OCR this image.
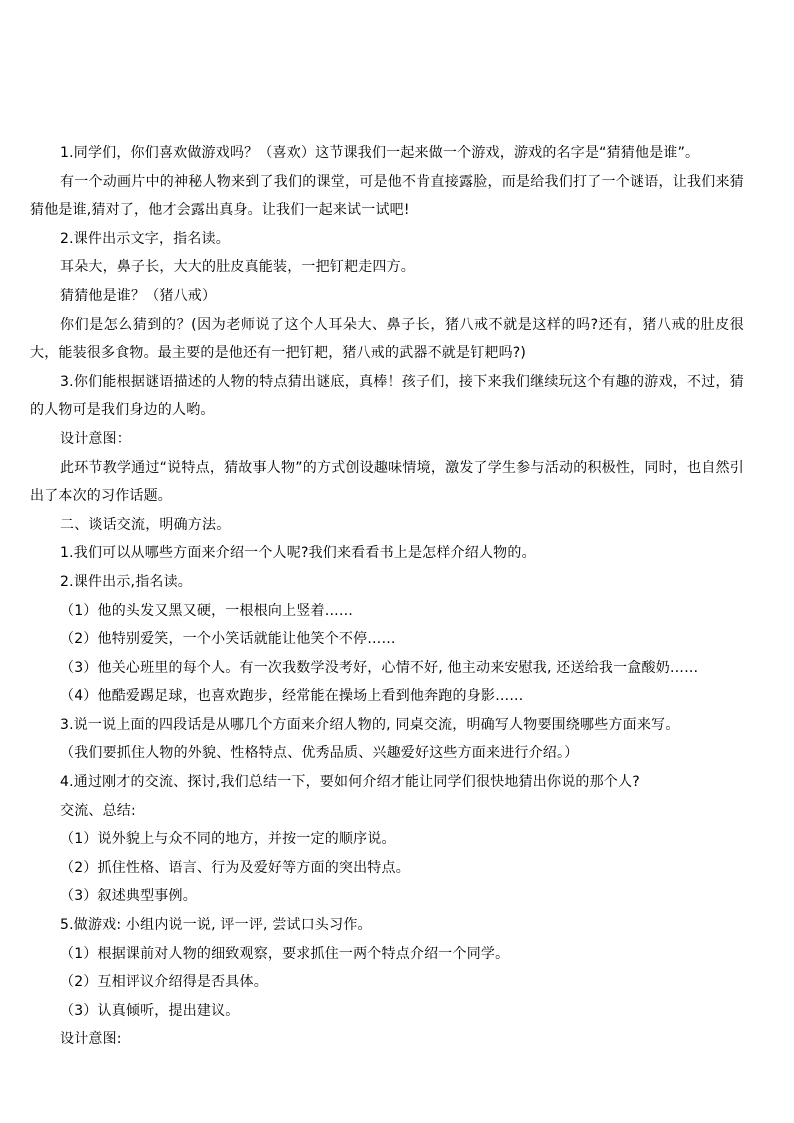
1.同学们，你们喜欢做游戏吗？（喜欢）这节课我们一起来做一个游戏，游戏的名字是“猜猜他是谁”。

有一个动画片中的神秘人物来到了我们的课堂，可是他不肯直接露脸，而是给我们打了一个谜语，让我们来猜猜他是谁,猜对了，他才会露出真身。让我们一起来试一试吧!

2.课件出示文字，指名读。

耳朵大，鼻子长，大大的肚皮真能装，一把钉耙走四方。

猜猜他是谁？（猪八戒）

你们是怎么猜到的？(因为老师说了这个人耳朵大、鼻子长，猪八戒不就是这样的吗?还有，猪八戒的肚皮很大，能装很多食物。最主要的是他还有一把钉耙，猪八戒的武器不就是钉耙吗?)

3.你们能根据谜语描述的人物的特点猜出谜底，真棒！孩子们，接下来我们继续玩这个有趣的游戏，不过，猜的人物可是我们身边的人哟。

设计意图：

此环节教学通过“说特点，猜故事人物”的方式创设趣味情境，激发了学生参与活动的积极性，同时，也自然引出了本次的习作话题。

二、谈话交流，明确方法。

1.我们可以从哪些方面来介绍一个人呢?我们来看看书上是怎样介绍人物的。

2.课件出示,指名读。

（1）他的头发又黑又硬，一根根向上竖着……

（2）他特别爱笑，一个小笑话就能让他笑个不停……

（3）他关心班里的每个人。有一次我数学没考好，心情不好, 他主动来安慰我, 还送给我一盒酸奶……

（4）他酷爱踢足球，也喜欢跑步，经常能在操场上看到他奔跑的身影……

3.说一说上面的四段话是从哪几个方面来介绍人物的, 同桌交流，明确写人物要围绕哪些方面来写。

（我们要抓住人物的外貌、性格特点、优秀品质、兴趣爱好这些方面来进行介绍。）

4.通过刚才的交流、探讨,我们总结一下，要如何介绍才能让同学们很快地猜出你说的那个人?

交流、总结:

（1）说外貌上与众不同的地方，并按一定的顺序说。

（2）抓住性格、语言、行为及爱好等方面的突出特点。

（3）叙述典型事例。

5.做游戏: 小组内说一说, 评一评, 尝试口头习作。

（1）根据课前对人物的细致观察，要求抓住一两个特点介绍一个同学。

（2）互相评议介绍得是否具体。

（3）认真倾听，提出建议。

设计意图:
